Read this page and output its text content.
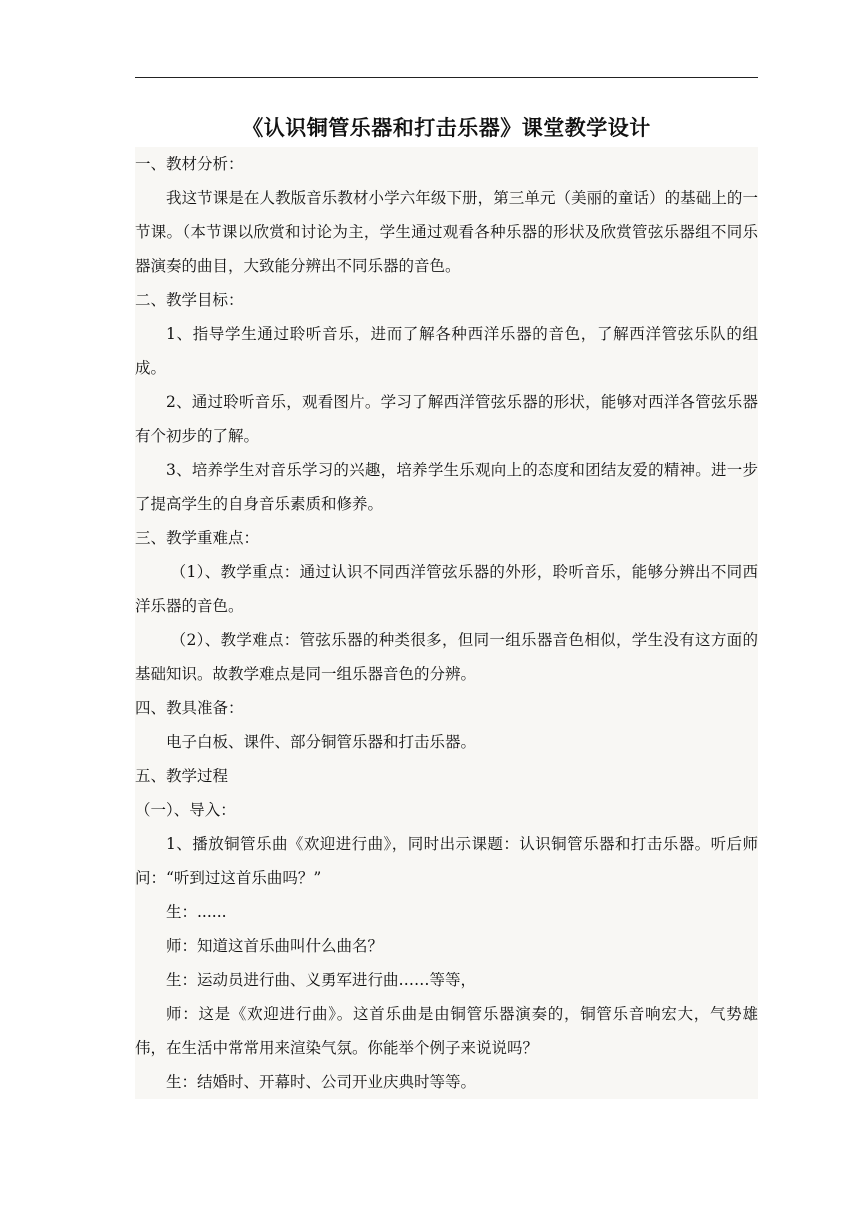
《认识铜管乐器和打击乐器》课堂教学设计

一、教材分析：

我这节课是在人教版音乐教材小学六年级下册，第三单元（美丽的童话）的基础上的一节课。（本节课以欣赏和讨论为主，学生通过观看各种乐器的形状及欣赏管弦乐器组不同乐器演奏的曲目，大致能分辨出不同乐器的音色。

二、教学目标：

1、指导学生通过聆听音乐，进而了解各种西洋乐器的音色，了解西洋管弦乐队的组成。

2、通过聆听音乐，观看图片。学习了解西洋管弦乐器的形状，能够对西洋各管弦乐器有个初步的了解。

3、培养学生对音乐学习的兴趣，培养学生乐观向上的态度和团结友爱的精神。进一步了提高学生的自身音乐素质和修养。

三、教学重难点：

（1）、教学重点：通过认识不同西洋管弦乐器的外形，聆听音乐，能够分辨出不同西洋乐器的音色。

（2）、教学难点：管弦乐器的种类很多，但同一组乐器音色相似，学生没有这方面的基础知识。故教学难点是同一组乐器音色的分辨。

四、教具准备：

电子白板、课件、部分铜管乐器和打击乐器。

五、教学过程

（一）、导入：

1、播放铜管乐曲《欢迎进行曲》，同时出示课题：认识铜管乐器和打击乐器。听后师问：“听到过这首乐曲吗？”

生：......

师：知道这首乐曲叫什么曲名？

生：运动员进行曲、义勇军进行曲……等等，

师：这是《欢迎进行曲》。这首乐曲是由铜管乐器演奏的，铜管乐音响宏大，气势雄伟，在生活中常常用来渲染气氛。你能举个例子来说说吗？

生：结婚时、开幕时、公司开业庆典时等等。
